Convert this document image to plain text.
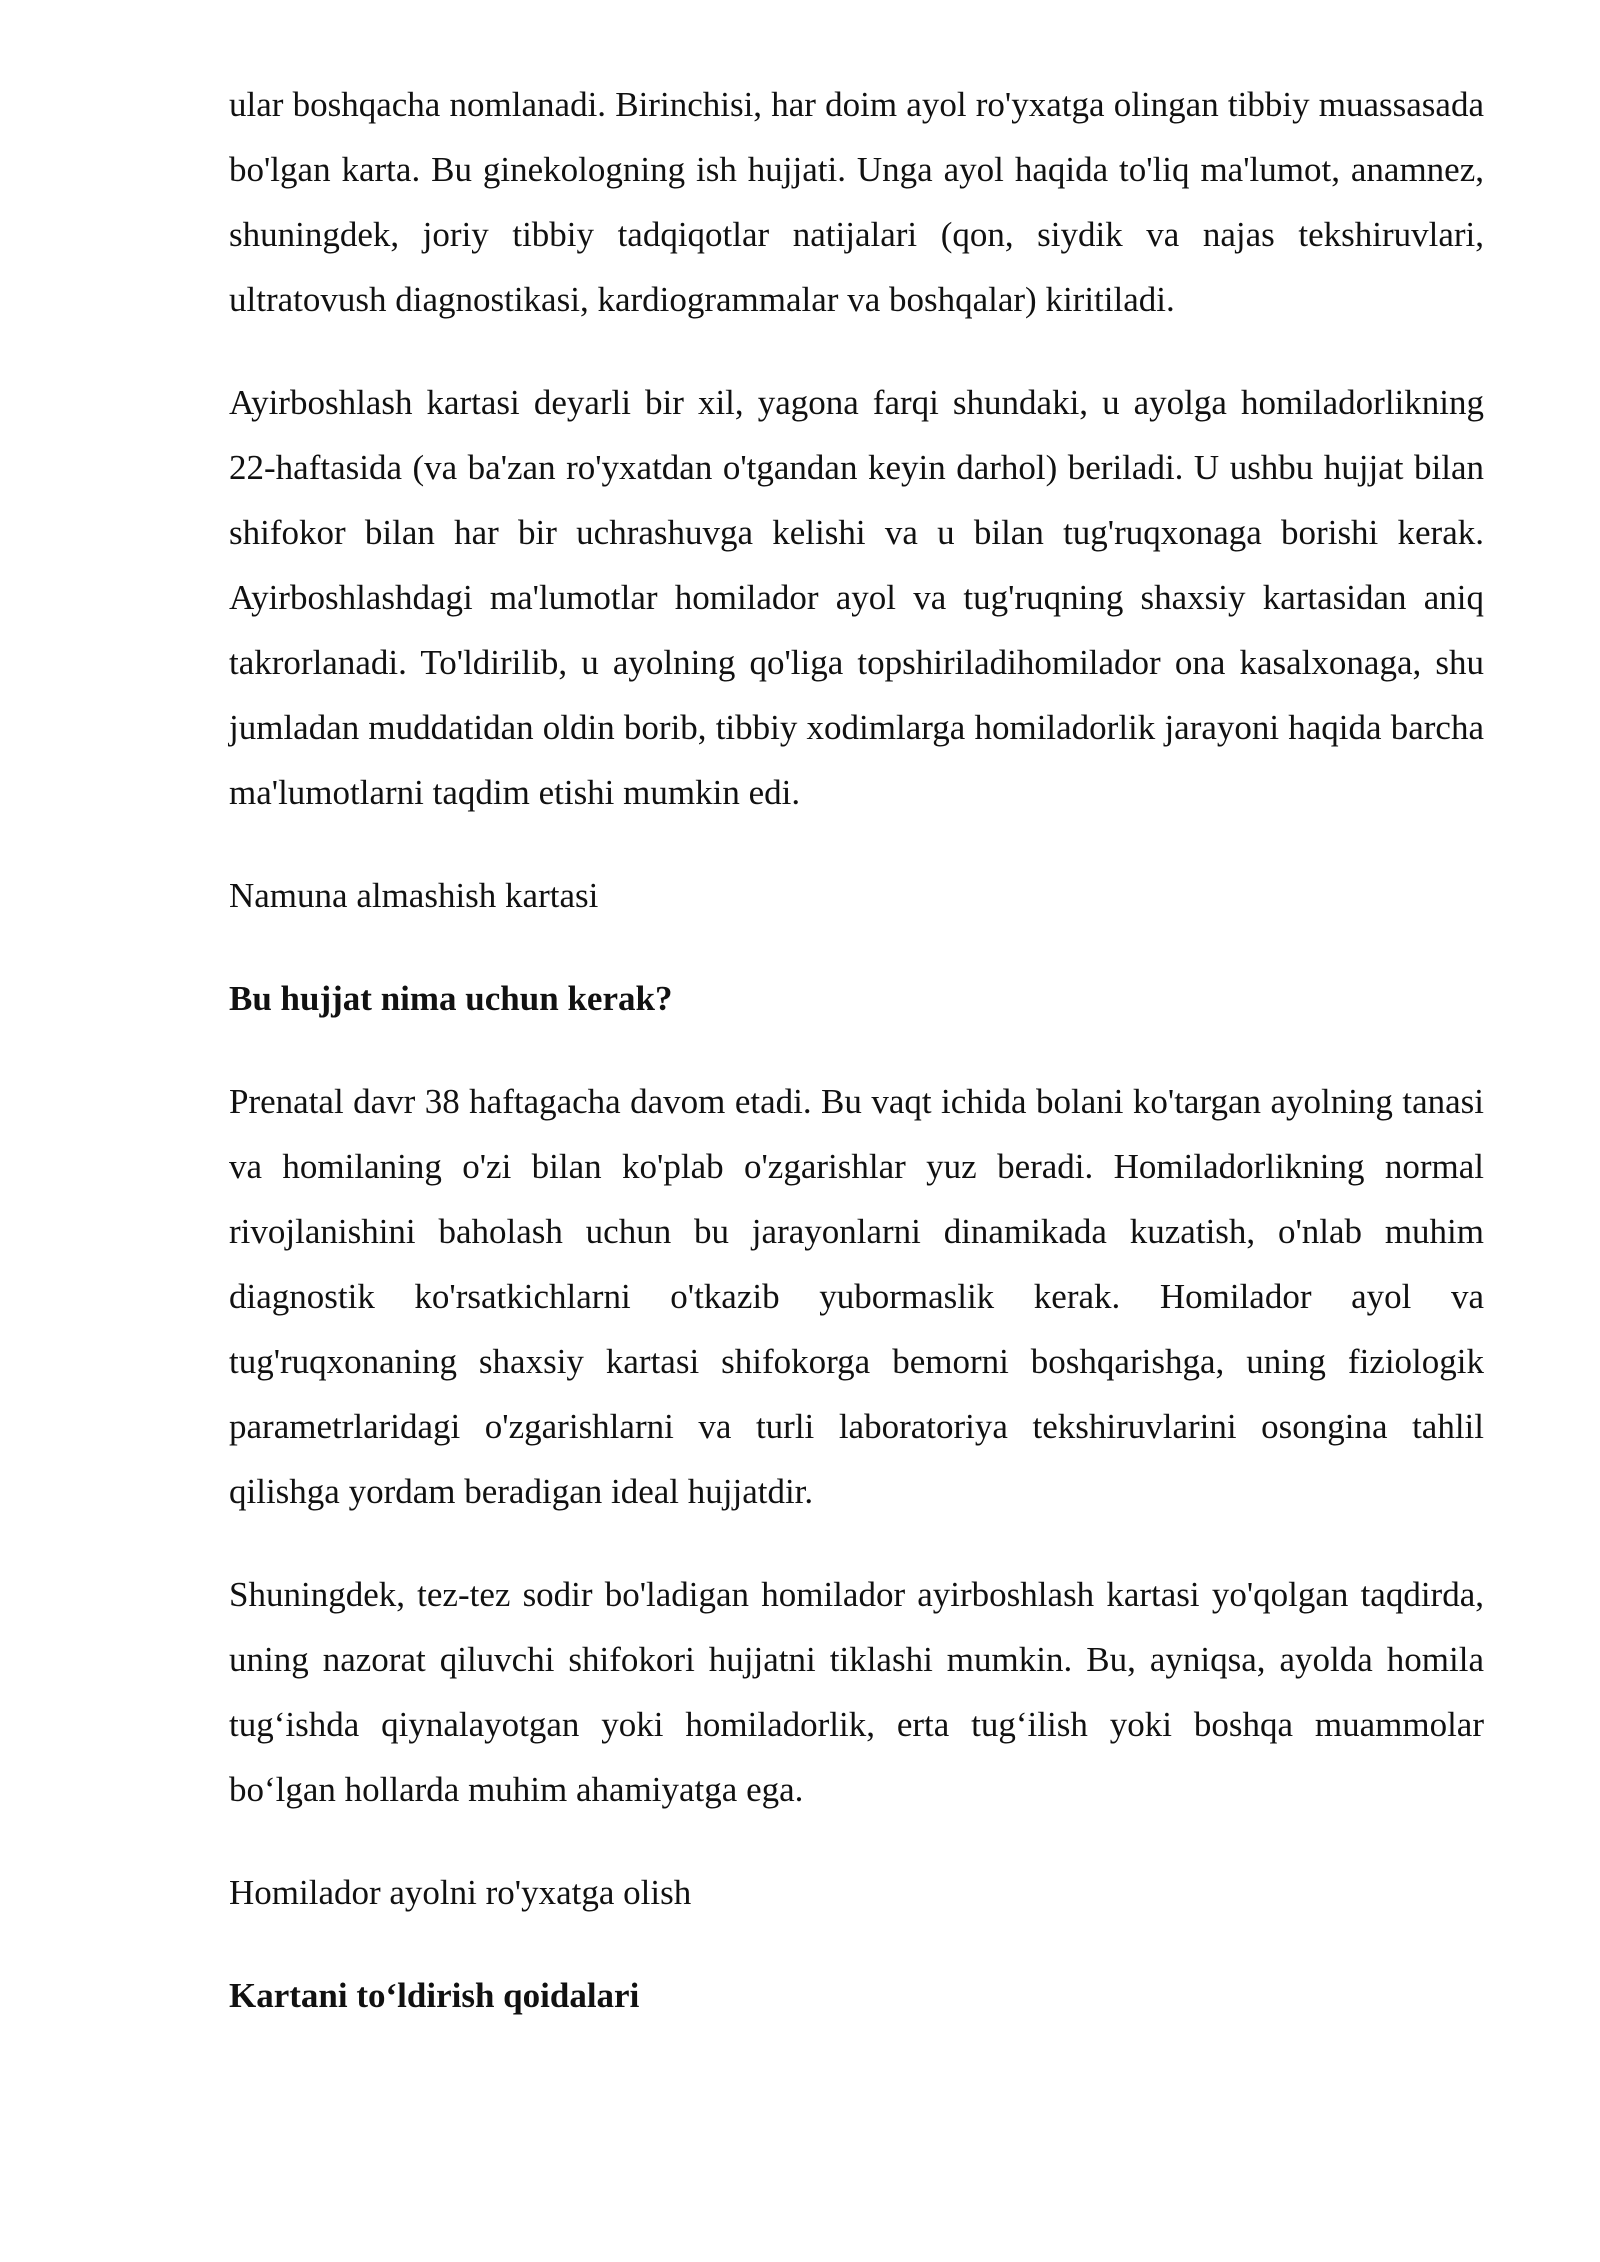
ular boshqacha nomlanadi. Birinchisi, har doim ayol ro'yxatga olingan tibbiy muassasada bo'lgan karta. Bu ginekologning ish hujjati. Unga ayol haqida to'liq ma'lumot, anamnez, shuningdek, joriy tibbiy tadqiqotlar natijalari (qon, siydik va najas tekshiruvlari, ultratovush diagnostikasi, kardiogrammalar va boshqalar) kiritiladi.

Ayirboshlash kartasi deyarli bir xil, yagona farqi shundaki, u ayolga homiladorlikning 22-haftasida (va ba'zan ro'yxatdan o'tgandan keyin darhol) beriladi. U ushbu hujjat bilan shifokor bilan har bir uchrashuvga kelishi va u bilan tug'ruqxonaga borishi kerak. Ayirboshlashdagi ma'lumotlar homilador ayol va tug'ruqning shaxsiy kartasidan aniq takrorlanadi. To'ldirilib, u ayolning qo'liga topshiriladihomilador ona kasalxonaga, shu jumladan muddatidan oldin borib, tibbiy xodimlarga homiladorlik jarayoni haqida barcha ma'lumotlarni taqdim etishi mumkin edi.

Namuna almashish kartasi

Bu hujjat nima uchun kerak?

Prenatal davr 38 haftagacha davom etadi. Bu vaqt ichida bolani ko'targan ayolning tanasi va homilaning o'zi bilan ko'plab o'zgarishlar yuz beradi. Homiladorlikning normal rivojlanishini baholash uchun bu jarayonlarni dinamikada kuzatish, o'nlab muhim diagnostik ko'rsatkichlarni o'tkazib yubormaslik kerak. Homilador ayol va tug'ruqxonaning shaxsiy kartasi shifokorga bemorni boshqarishga, uning fiziologik parametrlaridagi o'zgarishlarni va turli laboratoriya tekshiruvlarini osongina tahlil qilishga yordam beradigan ideal hujjatdir.

Shuningdek, tez-tez sodir bo'ladigan homilador ayirboshlash kartasi yo'qolgan taqdirda, uning nazorat qiluvchi shifokori hujjatni tiklashi mumkin. Bu, ayniqsa, ayolda homila tug‘ishda qiynalayotgan yoki homiladorlik, erta tug‘ilish yoki boshqa muammolar bo‘lgan hollarda muhim ahamiyatga ega.

Homilador ayolni ro'yxatga olish

Kartani to‘ldirish qoidalari
